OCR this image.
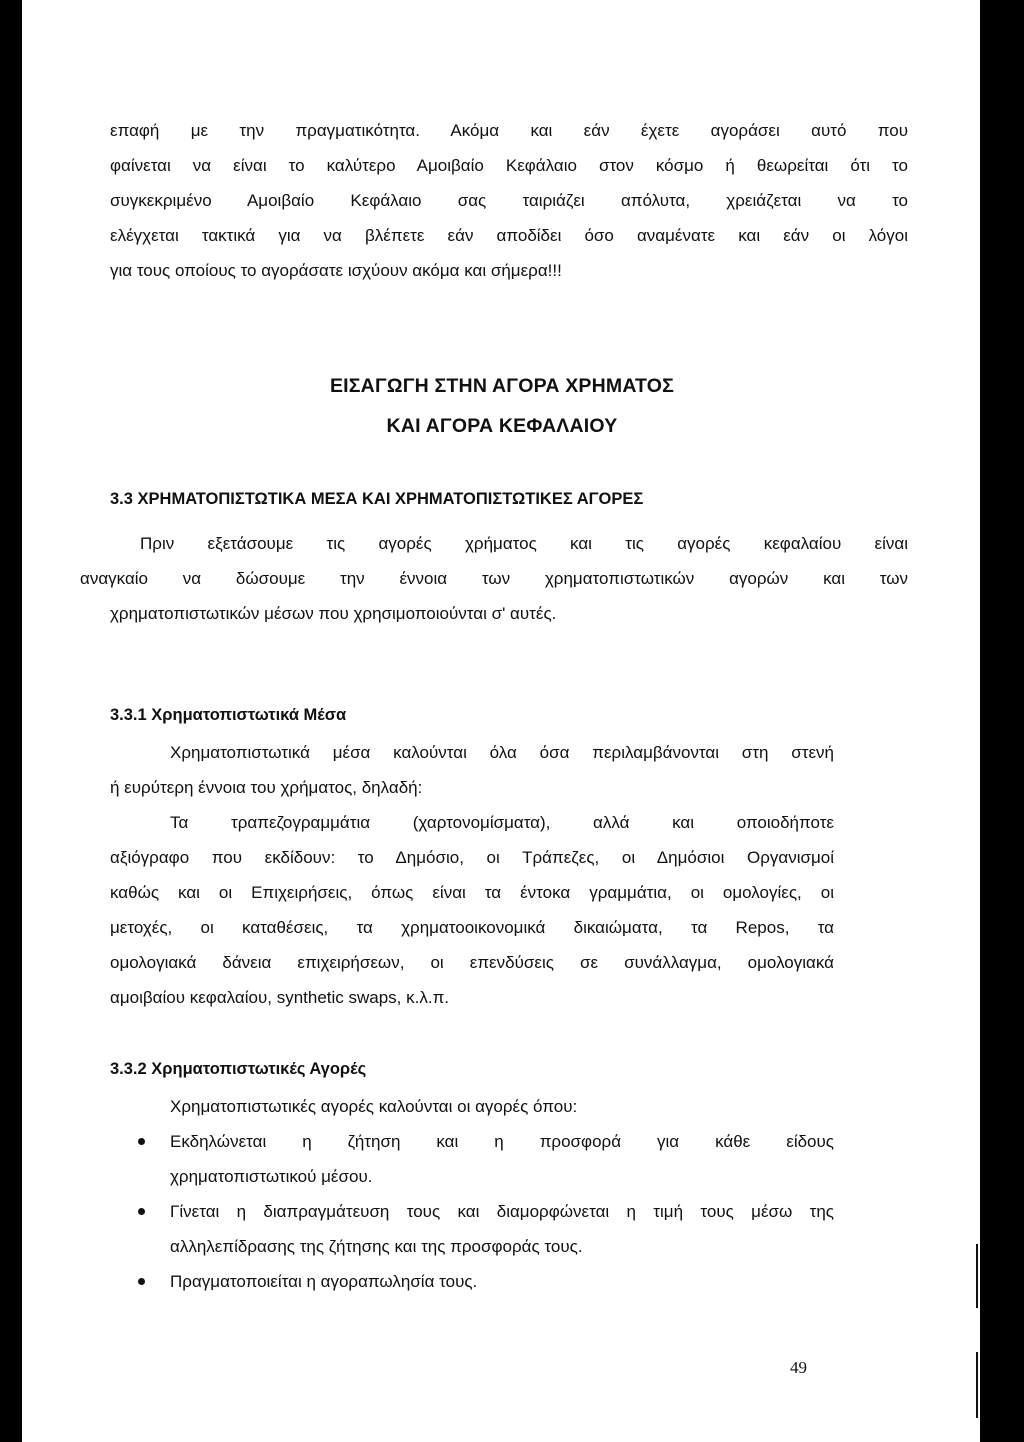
επαφή με την πραγματικότητα. Ακόμα και εάν έχετε αγοράσει αυτό που
φαίνεται να είναι το καλύτερο Αμοιβαίο Κεφάλαιο στον κόσμο ή θεωρείται ότι το
συγκεκριμένο Αμοιβαίο Κεφάλαιο σας ταιριάζει απόλυτα, χρειάζεται να το
ελέγχεται τακτικά για να βλέπετε εάν αποδίδει όσο αναμένατε και εάν οι λόγοι
για τους οποίους το αγοράσατε ισχύουν ακόμα και σήμερα!!!
ΕΙΣΑΓΩΓΗ ΣΤΗΝ ΑΓΟΡΑ ΧΡΗΜΑΤΟΣ
ΚΑΙ ΑΓΟΡΑ ΚΕΦΑΛΑΙΟΥ
3.3 ΧΡΗΜΑΤΟΠΙΣΤΩΤΙΚΑ ΜΕΣΑ ΚΑΙ ΧΡΗΜΑΤΟΠΙΣΤΩΤΙΚΕΣ ΑΓΟΡΕΣ
Πριν εξετάσουμε τις αγορές χρήματος και τις αγορές κεφαλαίου είναι
αναγκαίο να δώσουμε την έννοια των χρηματοπιστωτικών αγορών και των
χρηματοπιστωτικών μέσων που χρησιμοποιούνται σ' αυτές.
3.3.1 Χρηματοπιστωτικά Μέσα
Χρηματοπιστωτικά μέσα καλούνται όλα όσα περιλαμβάνονται στη στενή
ή ευρύτερη έννοια του χρήματος, δηλαδή:
Τα τραπεζογραμμάτια (χαρτονομίσματα), αλλά και οποιοδήποτε
αξιόγραφο που εκδίδουν: το Δημόσιο, οι Τράπεζες, οι Δημόσιοι Οργανισμοί
καθώς και οι Επιχειρήσεις, όπως είναι τα έντοκα γραμμάτια, οι ομολογίες, οι
μετοχές, οι καταθέσεις, τα χρηματοοικονομικά δικαιώματα, τα Repos, τα
ομολογιακά δάνεια επιχειρήσεων, οι επενδύσεις σε συνάλλαγμα, ομολογιακά
αμοιβαίου κεφαλαίου, synthetic swaps, κ.λ.π.
3.3.2 Χρηματοπιστωτικές Αγορές
Χρηματοπιστωτικές αγορές καλούνται οι αγορές όπου:
Εκδηλώνεται η ζήτηση και η προσφορά για κάθε είδους
χρηματοπιστωτικού μέσου.
Γίνεται η διαπραγμάτευση τους και διαμορφώνεται η τιμή τους μέσω της
αλληλεπίδρασης της ζήτησης και της προσφοράς τους.
Πραγματοποιείται η αγοραπωλησία τους.
49
